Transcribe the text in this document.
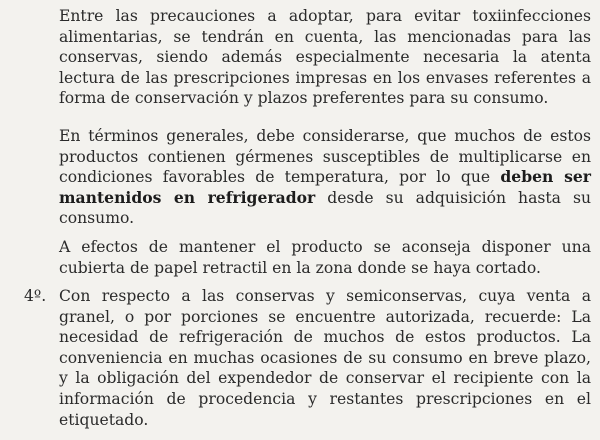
Entre las precauciones a adoptar, para evitar toxiinfecciones alimentarias, se tendrán en cuenta, las mencionadas para las conservas, siendo además especialmente necesaria la atenta lectura de las prescripciones impresas en los envases referentes a forma de conservación y plazos preferentes para su consumo.

En términos generales, debe considerarse, que muchos de estos productos contienen gérmenes susceptibles de multiplicarse en condiciones favorables de temperatura, por lo que deben ser mantenidos en refrigerador desde su adquisición hasta su consumo.

A efectos de mantener el producto se aconseja disponer una cubierta de papel retractil en la zona donde se haya cortado.

4º. Con respecto a las conservas y semiconservas, cuya venta a granel, o por porciones se encuentre autorizada, recuerde: La necesidad de refrigeración de muchos de estos productos. La conveniencia en muchas ocasiones de su consumo en breve plazo, y la obligación del expendedor de conservar el recipiente con la información de procedencia y restantes prescripciones en el etiquetado.
